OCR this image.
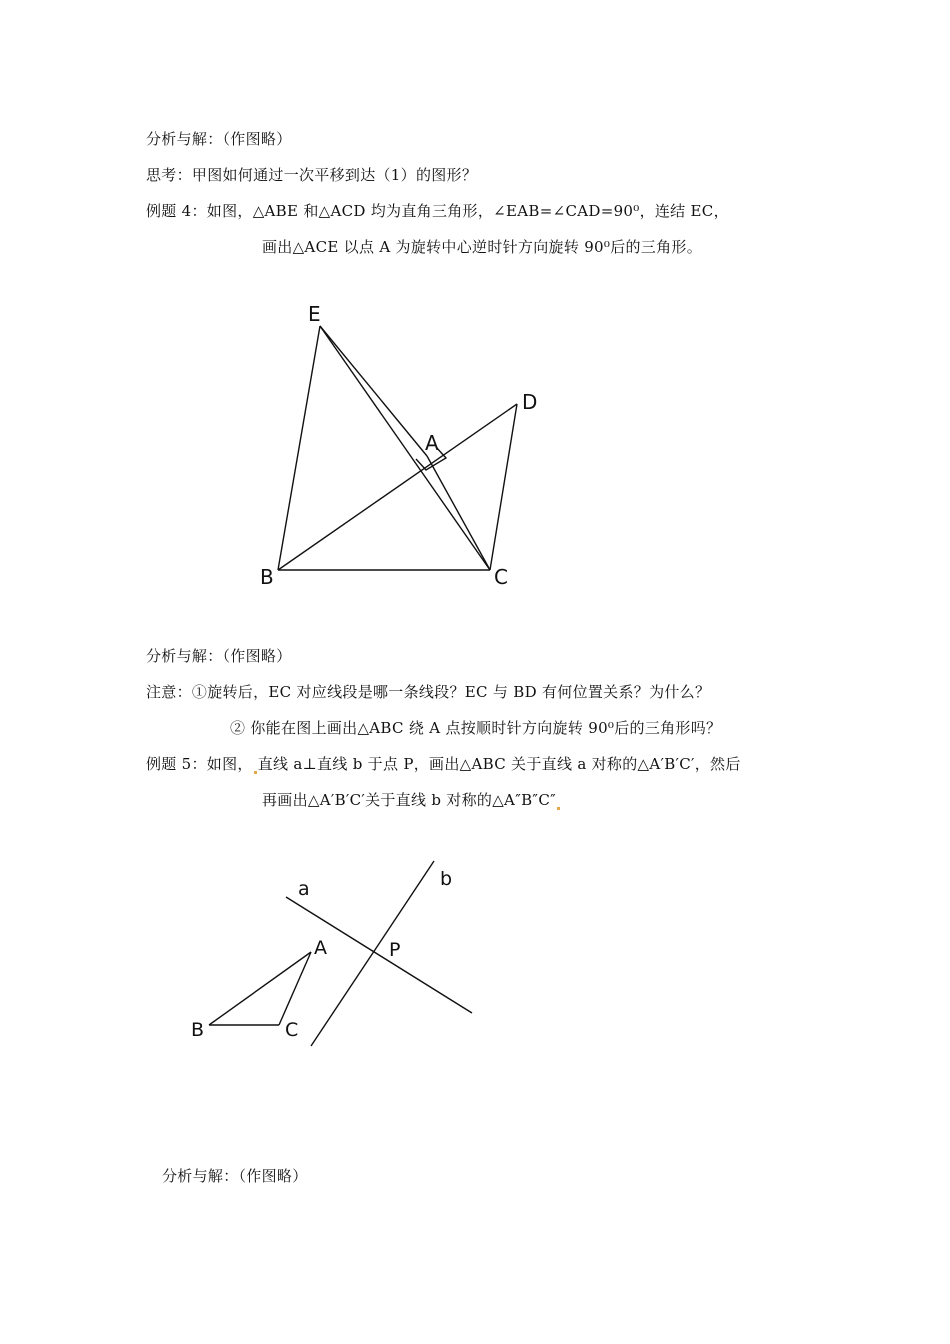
分析与解：（作图略）
思考：甲图如何通过一次平移到达（1）的图形？
例题 4：如图，△ABE 和△ACD 均为直角三角形，∠EAB=∠CAD=90⁰，连结 EC，
画出△ACE 以点 A 为旋转中心逆时针方向旋转 90⁰后的三角形。
E
D
A
B	C
分析与解：（作图略）
注意：①旋转后，EC 对应线段是哪一条线段？EC 与 BD 有何位置关系？为什么？
② 你能在图上画出△ABC 绕 A 点按顺时针方向旋转 90⁰后的三角形吗？
例题 5：如图， 直线 a⊥直线 b 于点 P，画出△ABC 关于直线 a 对称的△A′B′C′，然后
再画出△A′B′C′关于直线 b 对称的△A″B″C″
a	b
A	P
B	C
分析与解：（作图略）
